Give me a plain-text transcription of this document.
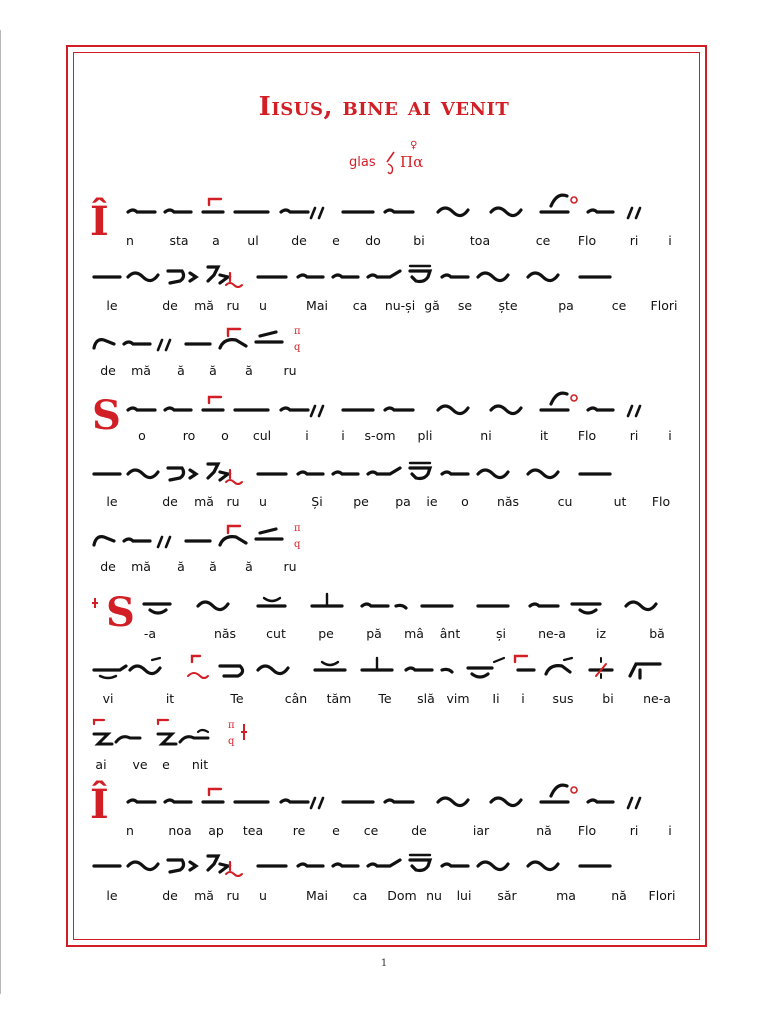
Iisus, bine ai venit
glas
♀
Πα
Î n	sta a ul	de e do	bi	toa	ce Flo	ri i
le	de mă ru u	Mai ca nu-și gă se ște	pa	ce Flori
π
q
de mă ă ă ă ru
S o	ro o cul	i	i s-om pli	ni	it Flo	ri i
le	de mă ru u	Și pe pa ie o năs	cu	ut Flo
π
q
de mă ă ă ă ru
S -a	năs cut	pe	pă mâ ânt	și	ne-a iz	bă
vi	it	Te	cân tăm Te slă vim Ii i sus bi ne-a
π
q
ai ve e nit
Î
n	noa ap tea re e ce	de	iar	nă Flo	ri i
le	de mă ru u	Mai ca Dom nu lui săr	ma	nă Flori
1
